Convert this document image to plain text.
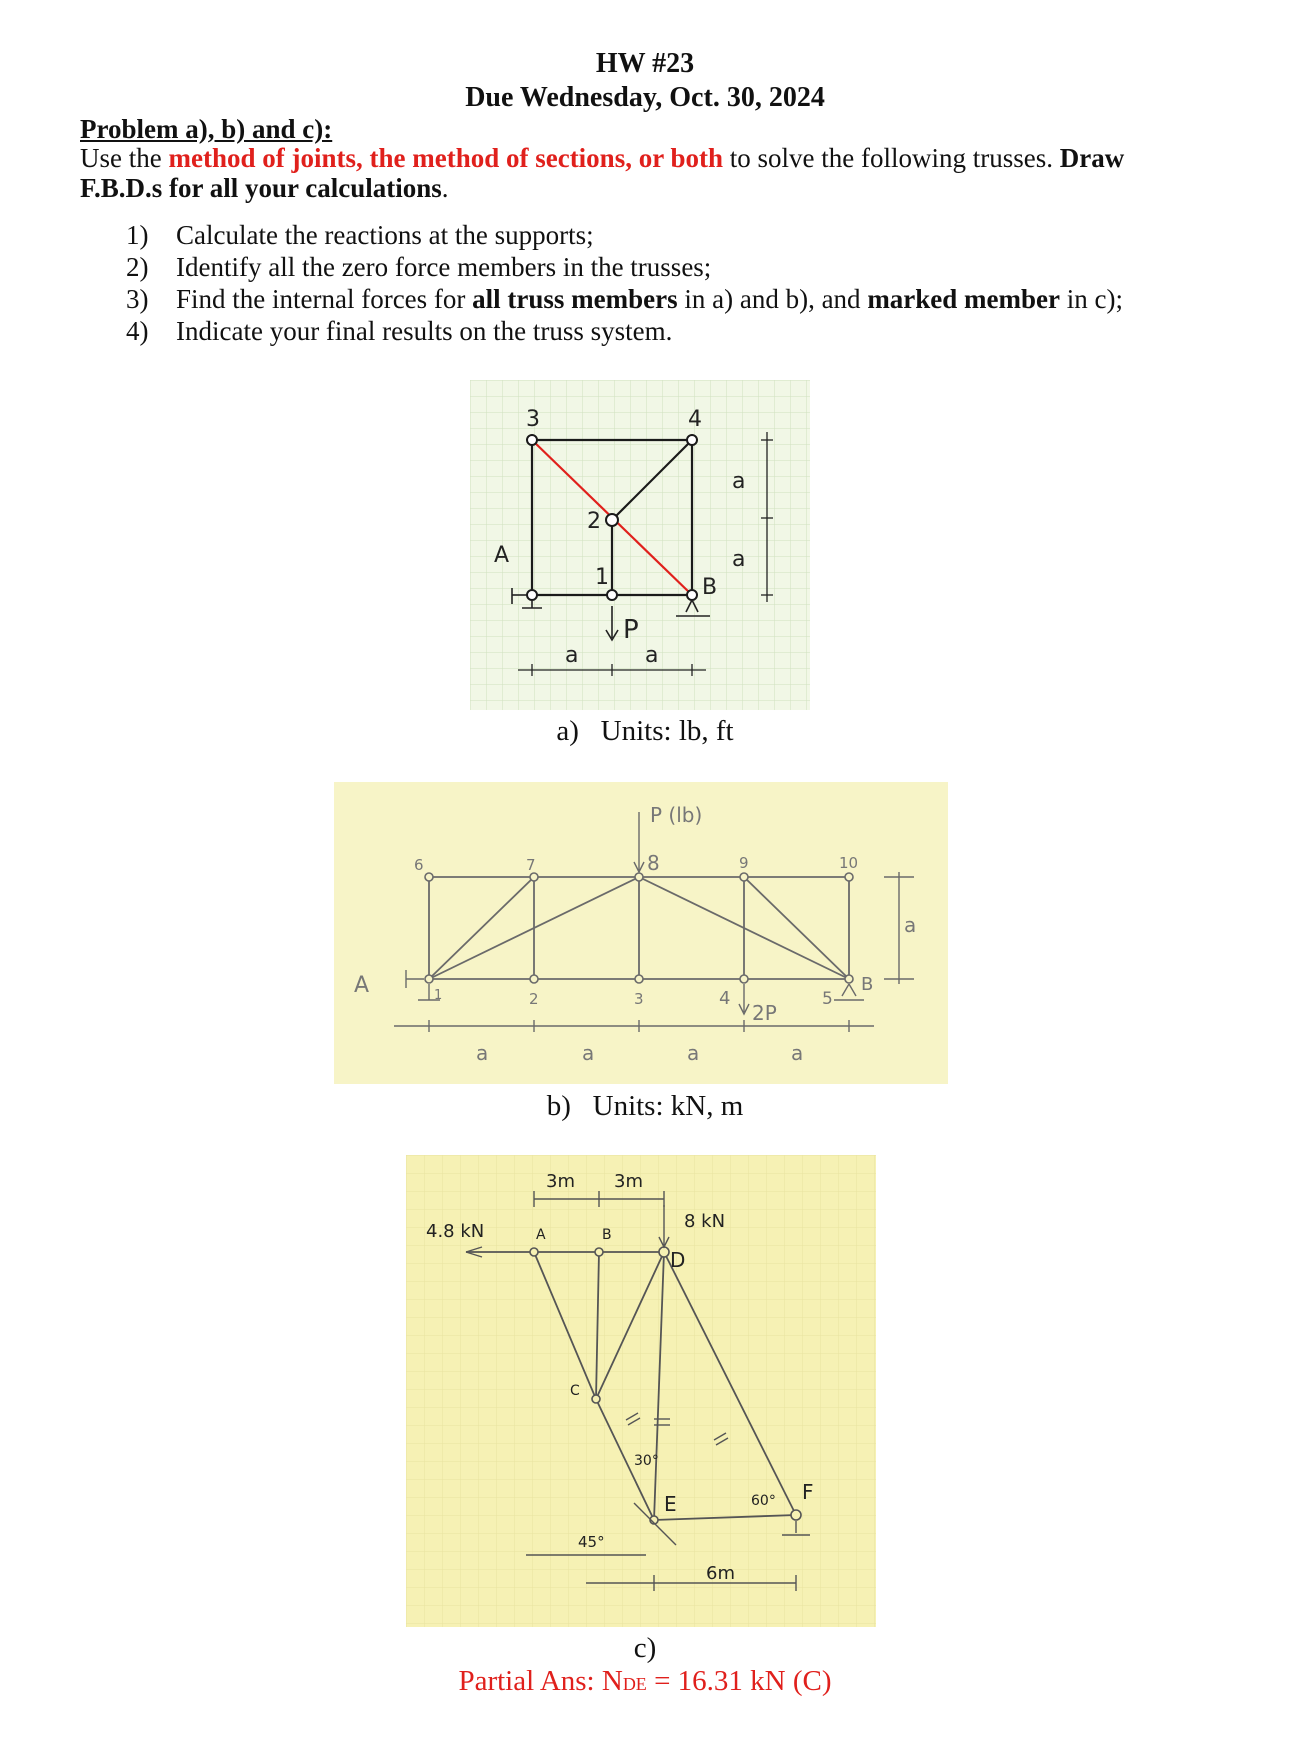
HW #23
Due Wednesday, Oct. 30, 2024
Problem a), b) and c):
Use the method of joints, the method of sections, or both to solve the following trusses. Draw
F.B.D.s for all your calculations.
1) Calculate the reactions at the supports;
2) Identify all the zero force members in the trusses;
3) Find the internal forces for all truss members in a) and b), and marked member in c);
4) Indicate your final results on the truss system.
3	4
2
1
A
B
P
a	a
a
a
a)   Units: lb, ft
P (lb)
8
6	7	9	10
1	2	3	4	5
A	B
2P
a	a	a	a
a
b)   Units: kN, m
3m 3m
4.8 kN	8 kN
A	B
C
D
E	F
30°
45°
60°
6m
c)
Partial Ans: NDE = 16.31 kN (C)
